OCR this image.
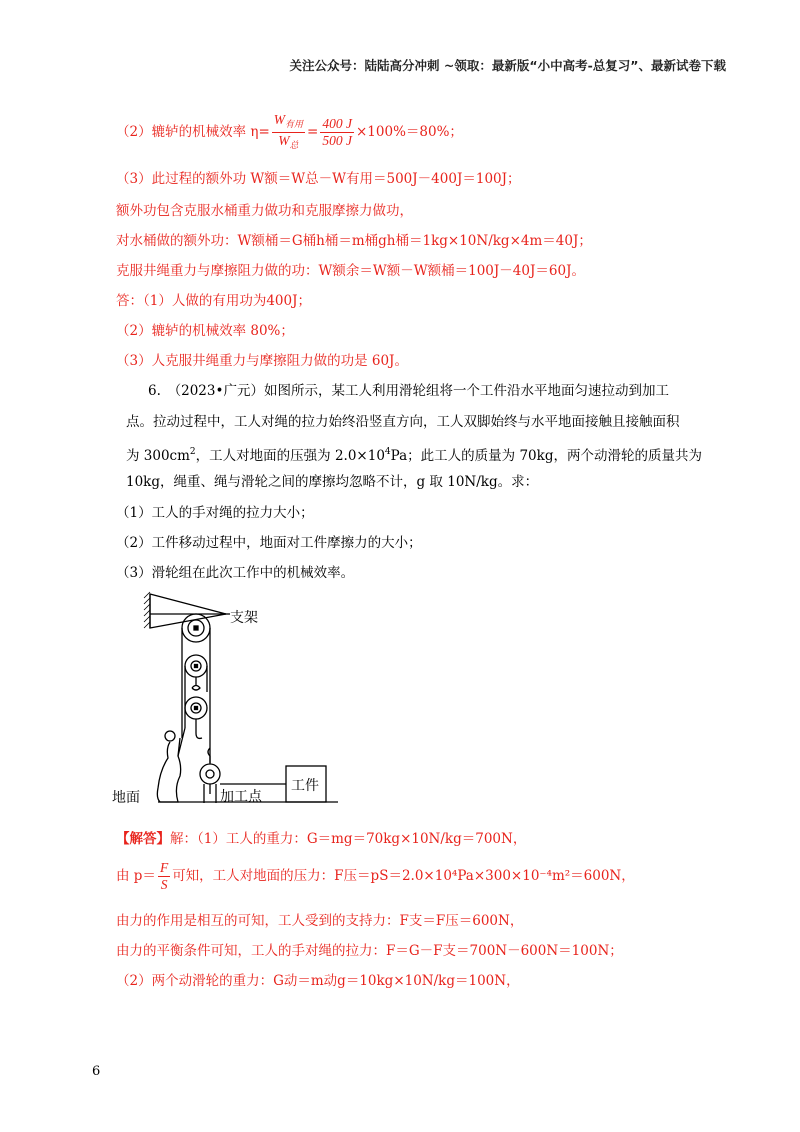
关注公众号：陆陆高分冲刺 ~领取：最新版“小中高考-总复习”、最新试卷下载
（2）辘轳的机械效率 $\eta= \frac{W_{有用}}{W_总} = \frac{400 J}{500 J} \times 100\%=80\%$；
（3）此过程的额外功 W额＝W总－W有用＝500J－400J＝100J；
额外功包含克服水桶重力做功和克服摩擦力做功，
对水桶做的额外功：W额桶＝G桶h桶＝m桶gh桶＝1kg×10N/kg×4m＝40J；
克服井绳重力与摩擦阻力做的功：W额余＝W额－W额桶＝100J－40J＝60J。
答：（1）人做的有用功为400J；
（2）辘轳的机械效率 80%；
（3）人克服井绳重力与摩擦阻力做的功是 60J。
6.　（2023•广元）如图所示，某工人利用滑轮组将一个工件沿水平地面匀速拉动到加工
点。拉动过程中，工人对绳的拉力始终沿竖直方向，工人双脚始终与水平地面接触且接触面积
为 $300cm^2$，工人对地面的压强为 $2.0\times 10^4Pa$；此工人的质量为 70kg，两个动滑轮的质量共为
10kg，绳重、绳与滑轮之间的摩擦均忽略不计，g 取 10N/kg。求：
（1）工人的手对绳的拉力大小；
（2）工件移动过程中，地面对工件摩擦力的大小；
（3）滑轮组在此次工作中的机械效率。
支架
地面	加工点
工件
【解答】解：（1）工人的重力：G＝mg＝70kg×10N/kg＝700N，
由 $p= \frac{F}{S}$ 可知，工人对地面的压力：F压＝pS＝2.0×10⁴Pa×300×10⁻⁴m²＝600N，
由力的作用是相互的可知，工人受到的支持力：F支＝F压＝600N，
由力的平衡条件可知，工人的手对绳的拉力：F＝G－F支＝700N－600N＝100N；
（2）两个动滑轮的重力：G动＝m动g＝10kg×10N/kg＝100N，
6
